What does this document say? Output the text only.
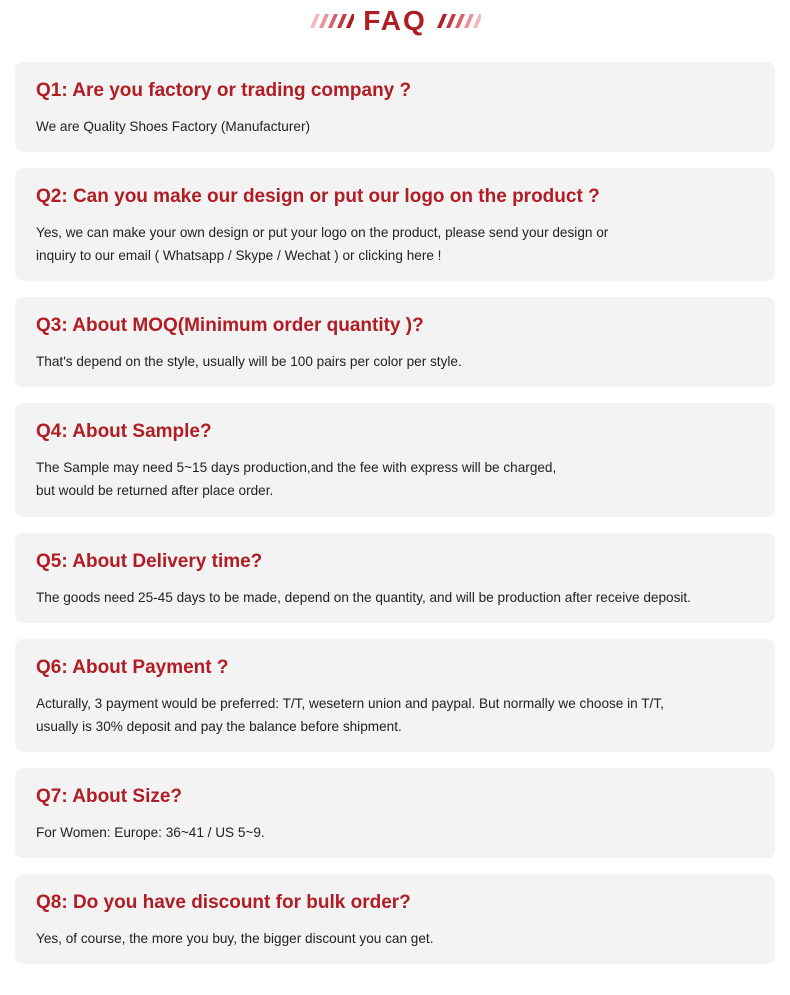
FAQ
Q1: Are you factory or trading company ?
We are Quality Shoes Factory (Manufacturer)
Q2: Can you make our design or put our logo on the product ?
Yes, we can make your own design or put your logo on the product, please send your design or
inquiry to our email ( Whatsapp / Skype / Wechat ) or clicking here !
Q3: About MOQ(Minimum order quantity )?
That's depend on the style, usually will be 100 pairs per color per style.
Q4: About Sample?
The Sample may need 5~15 days production,and the fee with express will be charged,
but would be returned after place order.
Q5: About Delivery time?
The goods need 25-45 days to be made, depend on the quantity, and will be production after receive deposit.
Q6: About Payment ?
Acturally, 3 payment would be preferred: T/T, wesetern union and paypal. But normally we choose in T/T,
usually is 30% deposit and pay the balance before shipment.
Q7: About Size?
For Women: Europe: 36~41 / US 5~9.
Q8: Do you have discount for bulk order?
Yes, of course, the more you buy, the bigger discount you can get.
